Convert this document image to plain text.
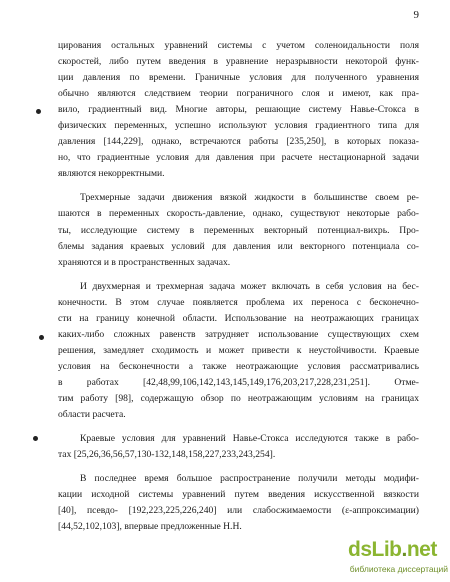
9
цирования остальных уравнений системы с учетом соленоидальности поля
скоростей, либо путем введения в уравнение неразрывности некоторой функ-
ции давления по времени. Граничные условия для полученного уравнения
обычно являются следствием теории пограничного слоя и имеют, как пра-
вило, градиентный вид. Многие авторы, решающие систему Навье-Стокса в
физических переменных, успешно используют условия градиентного типа для
давления [144,229], однако, встречаются работы [235,250], в которых показа-
но, что градиентные условия для давления при расчете нестационарной задачи
являются некорректными.
Трехмерные задачи движения вязкой жидкости в большинстве своем ре-
шаются в переменных скорость-давление, однако, существуют некоторые рабо-
ты, исследующие систему в переменных векторный потенциал-вихрь. Про-
блемы задания краевых условий для давления или векторного потенциала со-
храняются и в пространственных задачах.
И двухмерная и трехмерная задача может включать в себя условия на бес-
конечности. В этом случае появляется проблема их переноса с бесконечно-
сти на границу конечной области. Использование на неотражающих границах
каких-либо сложных равенств затрудняет использование существующих схем
решения, замедляет сходимость и может привести к неустойчивости. Краевые
условия на бесконечности а также неотражающие условия рассматривались
в работах [42,48,99,106,142,143,145,149,176,203,217,228,231,251]. Отме-
тим работу [98], содержащую обзор по неотражающим условиям на границах
области расчета.
Краевые условия для уравнений Навье-Стокса исследуются также в рабо-
тах [25,26,36,56,57,130-132,148,158,227,233,243,254].
В последнее время большое распространение получили методы модифи-
кации исходной системы уравнений путем введения искусственной вязкости
[40], псевдо- [192,223,225,226,240] или слабосжимаемости (ε-аппроксимации)
[44,52,102,103], впервые предложенные Н.Н.
dsLib.net
библиотека диссертаций
